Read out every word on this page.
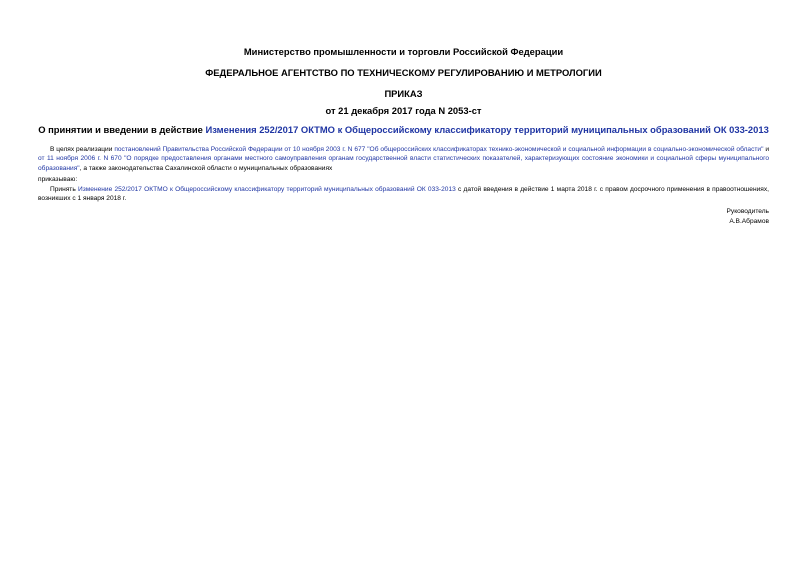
Министерство промышленности и торговли Российской Федерации
ФЕДЕРАЛЬНОЕ АГЕНТСТВО ПО ТЕХНИЧЕСКОМУ РЕГУЛИРОВАНИЮ И МЕТРОЛОГИИ
ПРИКАЗ
от 21 декабря 2017 года N 2053-ст
О принятии и введении в действие Изменения 252/2017 ОКТМО к Общероссийскому классификатору территорий муниципальных образований ОК 033-2013
В целях реализации постановлений Правительства Российской Федерации от 10 ноября 2003 г. N 677 "Об общероссийских классификаторах технико-экономической и социальной информации в социально-экономической области" и от 11 ноября 2006 г. N 670 "О порядке предоставления органами местного самоуправления органам государственной власти статистических показателей, характеризующих состояние экономики и социальной сферы муниципального образования", а также законодательства Сахалинской области о муниципальных образованиях
приказываю:
Принять Изменение 252/2017 ОКТМО к Общероссийскому классификатору территорий муниципальных образований ОК 033-2013 с датой введения в действие 1 марта 2018 г. с правом досрочного применения в правоотношениях, возникших с 1 января 2018 г.
Руководитель
А.В.Абрамов
